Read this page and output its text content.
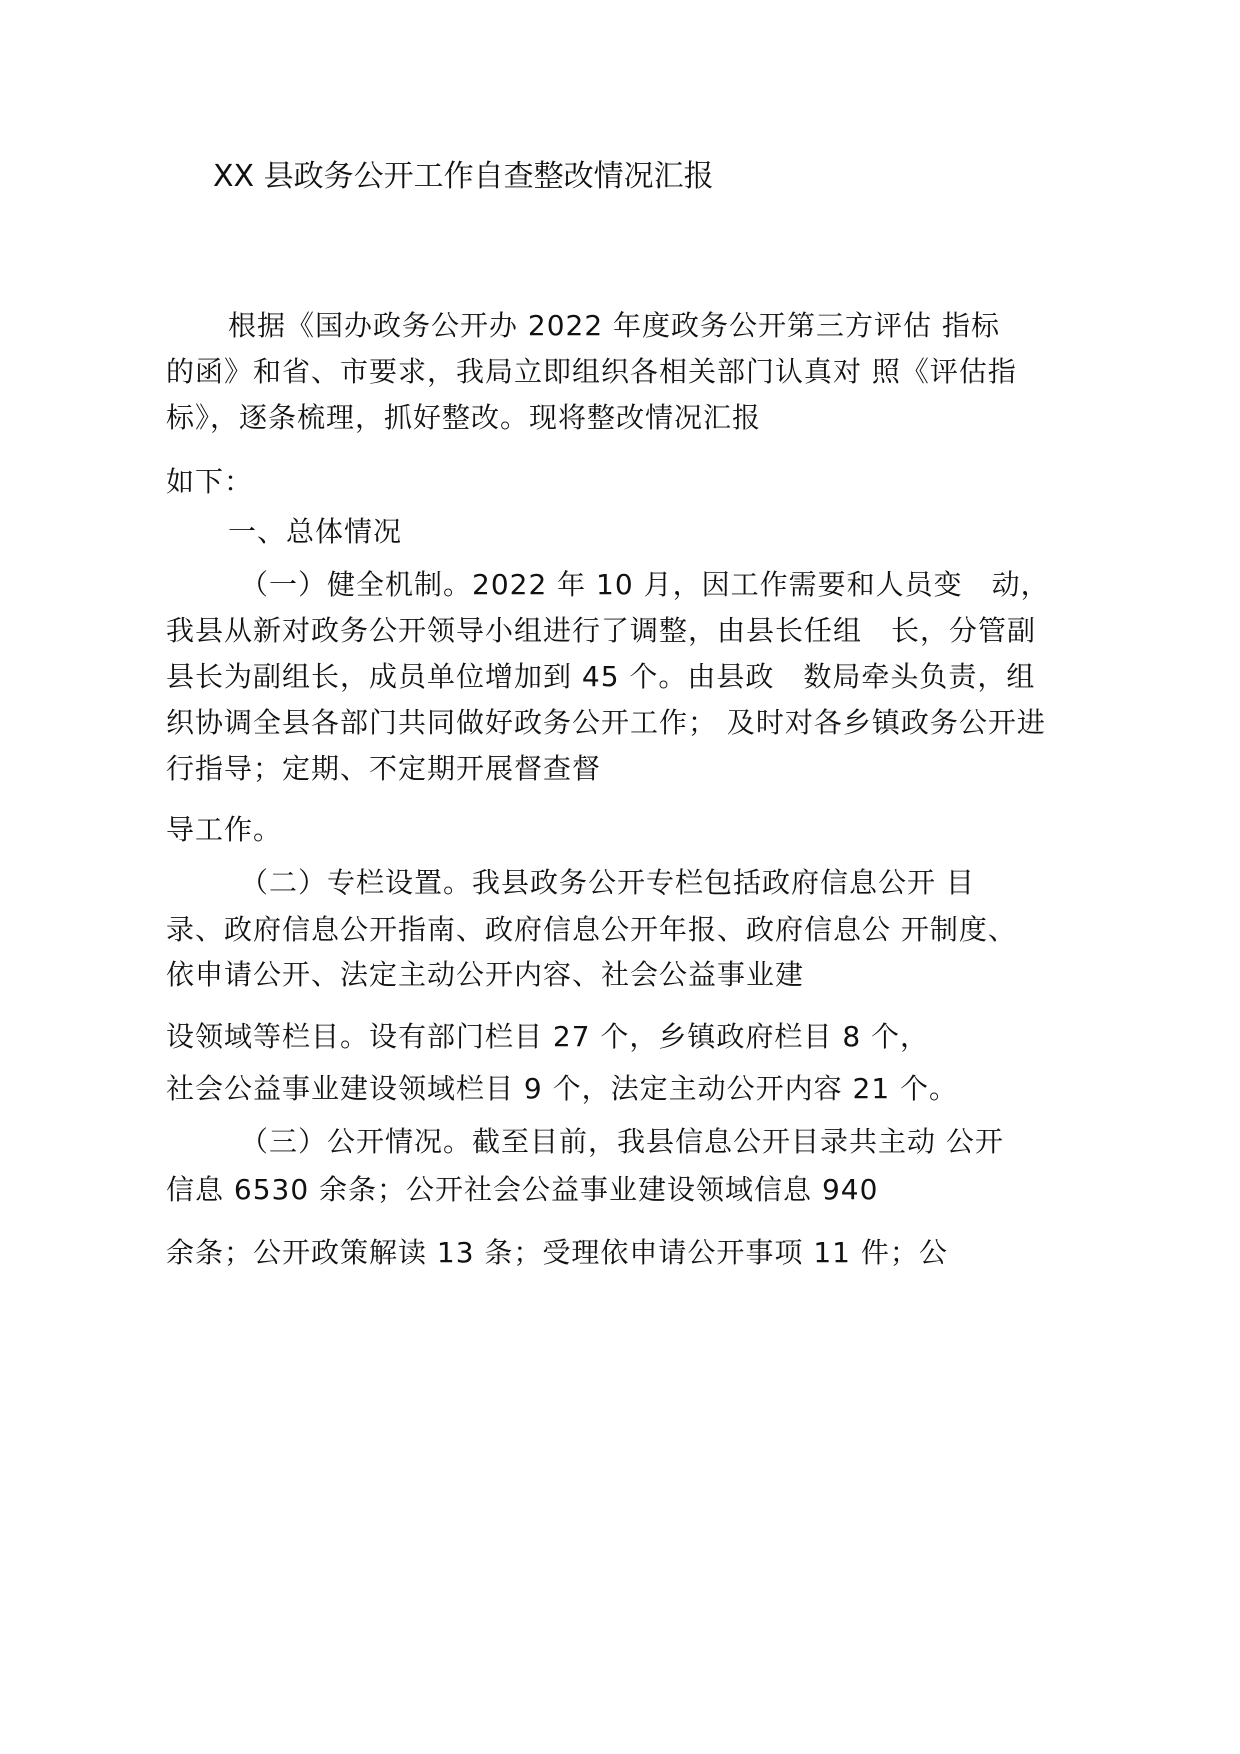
XX 县政务公开工作自查整改情况汇报
根据《国办政务公开办 2022 年度政务公开第三方评估 指标
的函》和省、市要求，我局立即组织各相关部门认真对 照《评估指
标》，逐条梳理，抓好整改。现将整改情况汇报
如下：
一、总体情况
（一）健全机制。2022 年 10 月，因工作需要和人员变　动，
我县从新对政务公开领导小组进行了调整，由县长任组　长，分管副
县长为副组长，成员单位增加到 45 个。由县政　数局牵头负责，组
织协调全县各部门共同做好政务公开工作； 及时对各乡镇政务公开进
行指导；定期、不定期开展督查督
导工作。
（二）专栏设置。我县政务公开专栏包括政府信息公开 目
录、政府信息公开指南、政府信息公开年报、政府信息公 开制度、
依申请公开、法定主动公开内容、社会公益事业建
设领域等栏目。设有部门栏目 27 个，乡镇政府栏目 8 个，
社会公益事业建设领域栏目 9 个，法定主动公开内容 21 个。
（三）公开情况。截至目前，我县信息公开目录共主动 公开
信息 6530 余条；公开社会公益事业建设领域信息 940
余条；公开政策解读 13 条；受理依申请公开事项 11 件；公
